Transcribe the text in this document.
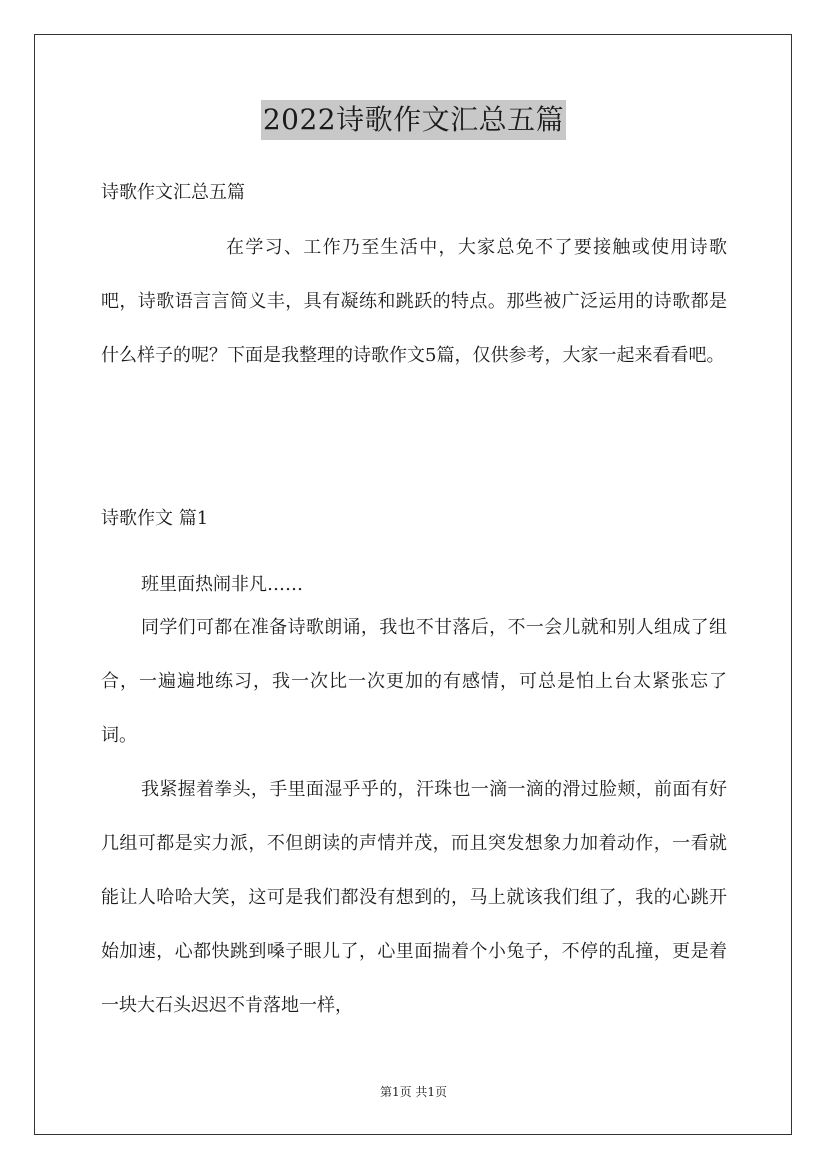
2022诗歌作文汇总五篇
诗歌作文汇总五篇
在学习、工作乃至生活中，大家总免不了要接触或使用诗歌吧，诗歌语言言简义丰，具有凝练和跳跃的特点。那些被广泛运用的诗歌都是什么样子的呢？下面是我整理的诗歌作文5篇，仅供参考，大家一起来看看吧。
诗歌作文 篇1
班里面热闹非凡……
同学们可都在准备诗歌朗诵，我也不甘落后，不一会儿就和别人组成了组合，一遍遍地练习，我一次比一次更加的有感情，可总是怕上台太紧张忘了词。
我紧握着拳头，手里面湿乎乎的，汗珠也一滴一滴的滑过脸颊，前面有好几组可都是实力派，不但朗读的声情并茂，而且突发想象力加着动作，一看就能让人哈哈大笑，这可是我们都没有想到的，马上就该我们组了，我的心跳开始加速，心都快跳到嗓子眼儿了，心里面揣着个小兔子，不停的乱撞，更是着一块大石头迟迟不肯落地一样，
第1页 共1页
